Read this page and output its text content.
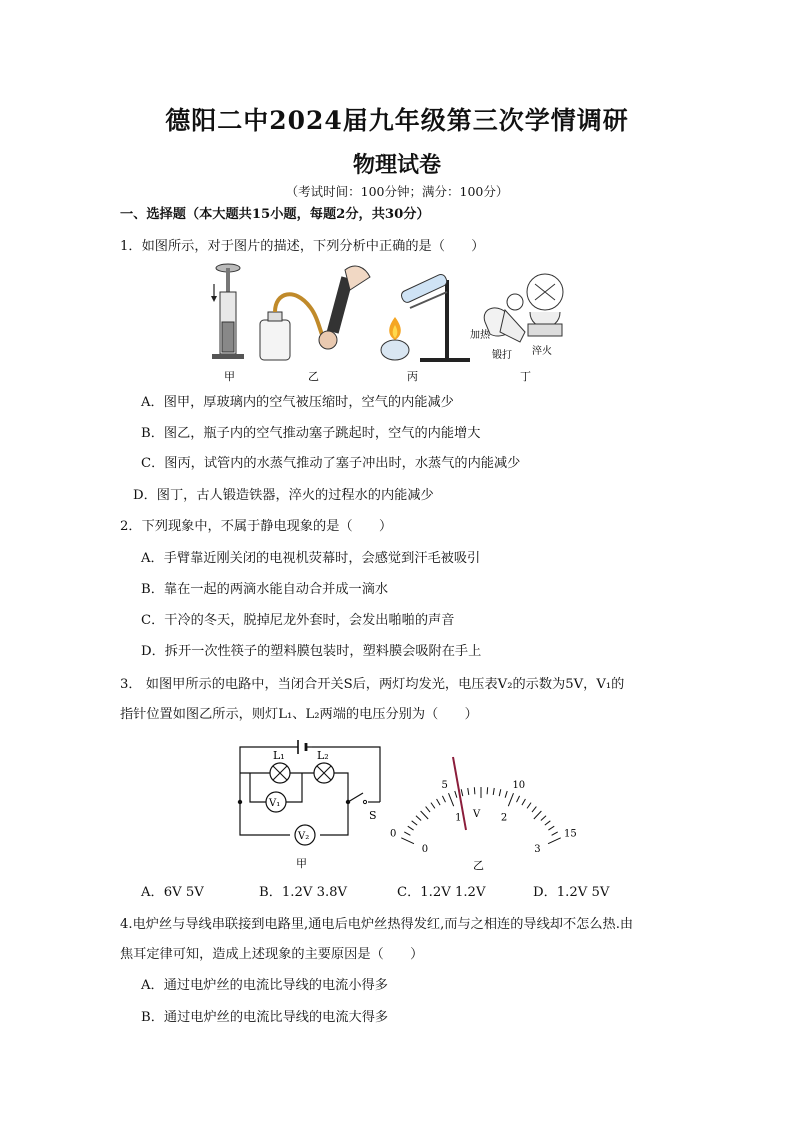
德阳二中2024届九年级第三次学情调研
物理试卷
（考试时间：100分钟；满分：100分）
一、选择题（本大题共15小题，每题2分，共30分）
1．如图所示，对于图片的描述，下列分析中正确的是（　　）
加热
锻打 淬火
甲	乙	丙	丁
A．图甲，厚玻璃内的空气被压缩时，空气的内能减少
B．图乙，瓶子内的空气推动塞子跳起时，空气的内能增大
C．图丙，试管内的水蒸气推动了塞子冲出时，水蒸气的内能减少
D．图丁，古人锻造铁器，淬火的过程水的内能减少
2．下列现象中，不属于静电现象的是（　　）
A．手臂靠近刚关闭的电视机荧幕时，会感觉到汗毛被吸引
B．靠在一起的两滴水能自动合并成一滴水
C．干冷的冬天，脱掉尼龙外套时，会发出啪啪的声音
D．拆开一次性筷子的塑料膜包装时，塑料膜会吸附在手上
3． 如图甲所示的电路中，当闭合开关S后，两灯均发光，电压表V₂的示数为5V，V₁的
指针位置如图乙所示，则灯L₁、L₂两端的电压分别为（　　）
L₁	L₂
V₁
V₂
S
甲
0
5	10
15
0
1	2
3
V
乙
A．6V 5V	B．1.2V 3.8V	C．1.2V 1.2V	D．1.2V 5V
4.电炉丝与导线串联接到电路里,通电后电炉丝热得发红,而与之相连的导线却不怎么热.由
焦耳定律可知，造成上述现象的主要原因是（　　）
A．通过电炉丝的电流比导线的电流小得多
B．通过电炉丝的电流比导线的电流大得多
